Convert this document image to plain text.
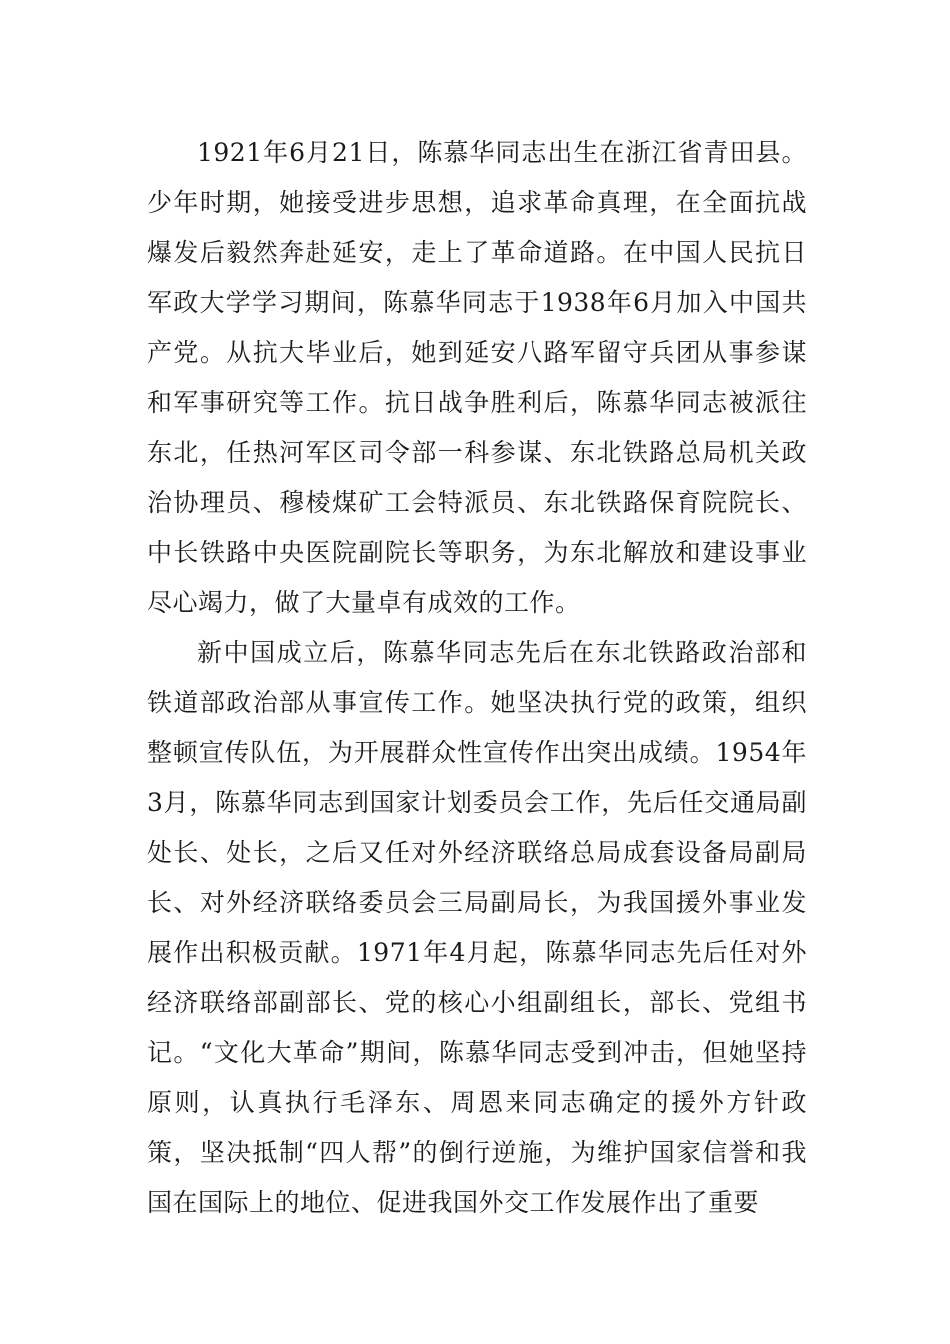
1921年6月21日，陈慕华同志出生在浙江省青田县。少年时期，她接受进步思想，追求革命真理，在全面抗战爆发后毅然奔赴延安，走上了革命道路。在中国人民抗日军政大学学习期间，陈慕华同志于1938年6月加入中国共产党。从抗大毕业后，她到延安八路军留守兵团从事参谋和军事研究等工作。抗日战争胜利后，陈慕华同志被派往东北，任热河军区司令部一科参谋、东北铁路总局机关政治协理员、穆棱煤矿工会特派员、东北铁路保育院院长、中长铁路中央医院副院长等职务，为东北解放和建设事业尽心竭力，做了大量卓有成效的工作。

新中国成立后，陈慕华同志先后在东北铁路政治部和铁道部政治部从事宣传工作。她坚决执行党的政策，组织整顿宣传队伍，为开展群众性宣传作出突出成绩。1954年3月，陈慕华同志到国家计划委员会工作，先后任交通局副处长、处长，之后又任对外经济联络总局成套设备局副局长、对外经济联络委员会三局副局长，为我国援外事业发展作出积极贡献。1971年4月起，陈慕华同志先后任对外经济联络部副部长、党的核心小组副组长，部长、党组书记。“文化大革命”期间，陈慕华同志受到冲击，但她坚持原则，认真执行毛泽东、周恩来同志确定的援外方针政策，坚决抵制“四人帮”的倒行逆施，为维护国家信誉和我国在国际上的地位、促进我国外交工作发展作出了重要
